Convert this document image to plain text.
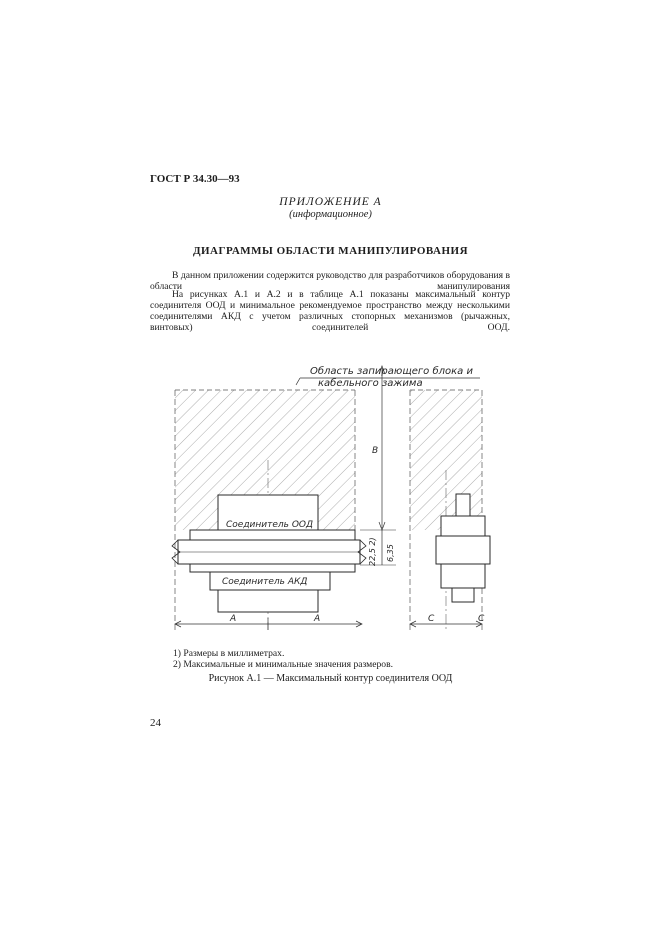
ГОСТ Р 34.30—93
ПРИЛОЖЕНИЕ А
(информационное)
ДИАГРАММЫ ОБЛАСТИ МАНИПУЛИРОВАНИЯ
В данном приложении содержится руководство для разработчиков оборудования в области манипулирования
На рисунках А.1 и А.2 и в таблице А.1 показаны максимальный контур соединителя ООД и минимальное рекомендуемое пространство между несколькими соединителями АКД с учетом различных стопорных механизмов (рычажных, винтовых) соединителей ООД.
Область запирающего блока и
кабельного зажима
Соединитель ООД
Соединитель АКД
B
A	A	C	C
22,5 2) 6,35
1) Размеры в миллиметрах.
2) Максимальные и минимальные значения размеров.
Рисунок А.1 — Максимальный контур соединителя ООД
24
